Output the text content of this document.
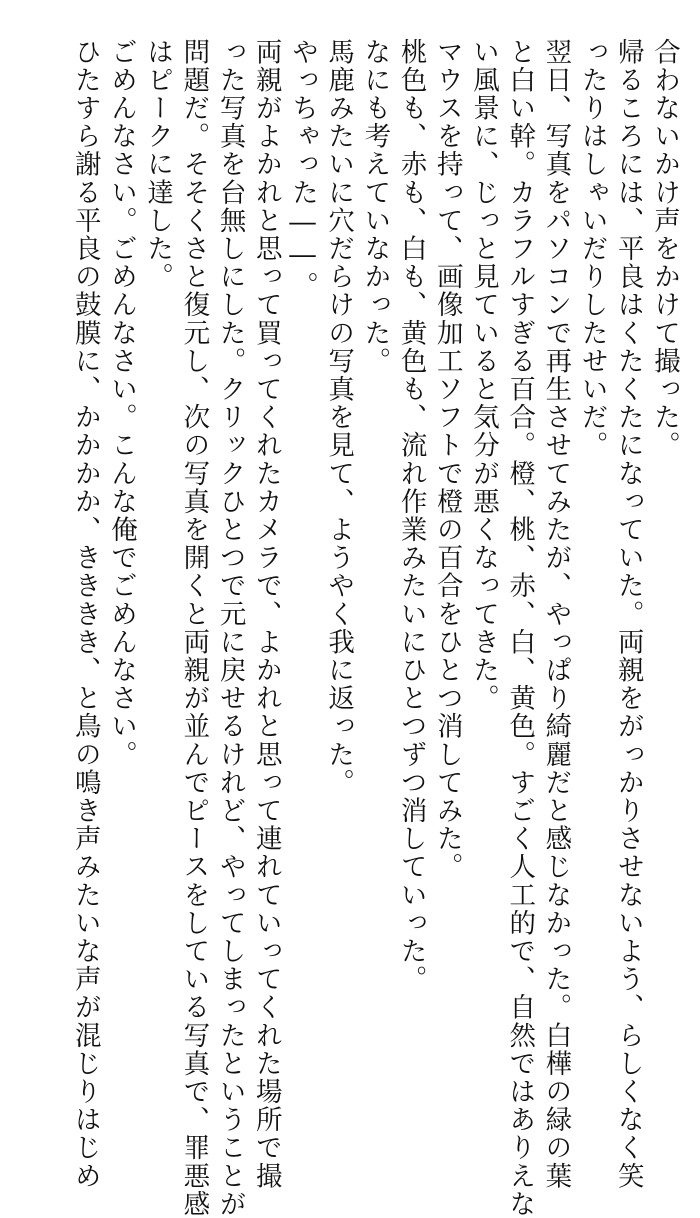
合わないかけ声をかけて撮った。
帰るころには、平良はくたくたになっていた。両親をがっかりさせないよう、らしくなく笑
ったりはしゃいだりしたせいだ。
翌日、写真をパソコンで再生させてみたが、やっぱり綺麗だと感じなかった。白樺の緑の葉
と白い幹。カラフルすぎる百合。橙、桃、赤、白、黄色。すごく人工的で、自然ではありえな
い風景に、じっと見ていると気分が悪くなってきた。
マウスを持って、画像加工ソフトで橙の百合をひとつ消してみた。
桃色も、赤も、白も、黄色も、流れ作業みたいにひとつずつ消していった。
なにも考えていなかった。
馬鹿みたいに穴だらけの写真を見て、ようやく我に返った。
やっちゃった――。
両親がよかれと思って買ってくれたカメラで、よかれと思って連れていってくれた場所で撮
った写真を台無しにした。クリックひとつで元に戻せるけれど、やってしまったということが
問題だ。そそくさと復元し、次の写真を開くと両親が並んでピースをしている写真で、罪悪感
はピークに達した。
ごめんなさい。ごめんなさい。こんな俺でごめんなさい。
ひたすら謝る平良の鼓膜に、かかかか、きききき、と鳥の鳴き声みたいな声が混じりはじめ
